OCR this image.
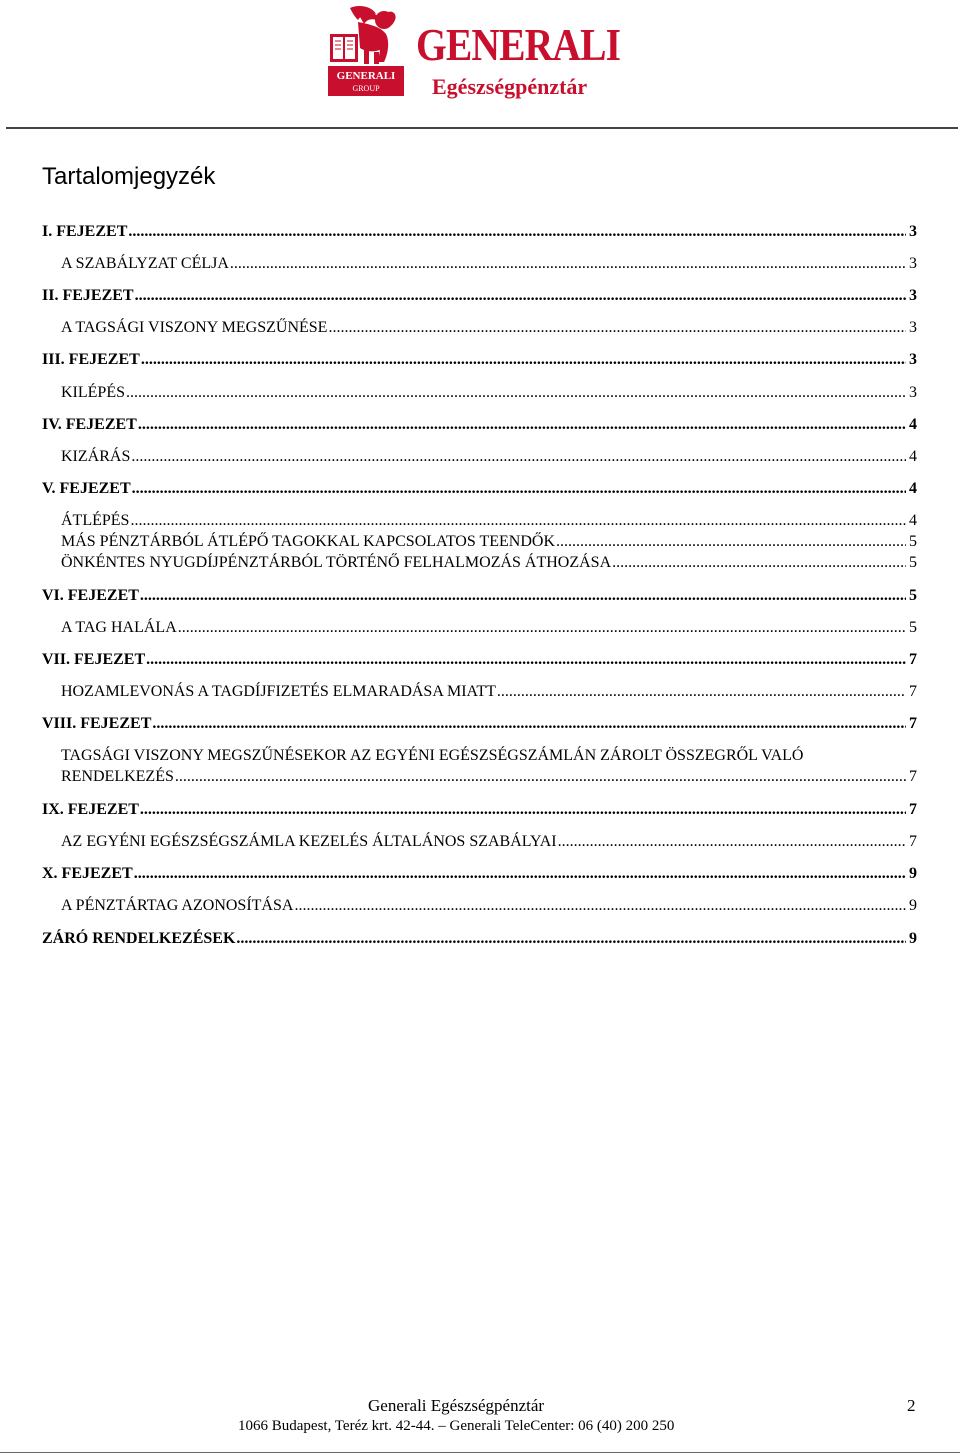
GENERALI
GROUP
GENERALI
Egészségpénztár
Tartalomjegyzék
I. FEJEZET .....	3
A SZABÁLYZAT CÉLJA .....	3
II. FEJEZET .....	3
A TAGSÁGI VISZONY MEGSZŰNÉSE .....	3
III. FEJEZET .....	3
KILÉPÉS .....	3
IV. FEJEZET .....	4
KIZÁRÁS .....	4
V. FEJEZET .....	4
ÁTLÉPÉS .....	4
MÁS PÉNZTÁRBÓL ÁTLÉPŐ TAGOKKAL KAPCSOLATOS TEENDŐK .....	5
ÖNKÉNTES NYUGDÍJPÉNZTÁRBÓL TÖRTÉNŐ FELHALMOZÁS ÁTHOZÁSA .....	5
VI. FEJEZET .....	5
A TAG HALÁLA .....	5
VII. FEJEZET .....	7
HOZAMLEVONÁS A TAGDÍJFIZETÉS ELMARADÁSA MIATT .....	7
VIII. FEJEZET .....	7
TAGSÁGI VISZONY MEGSZŰNÉSEKOR AZ EGYÉNI EGÉSZSÉGSZÁMLÁN ZÁROLT ÖSSZEGRŐL VALÓ
RENDELKEZÉS .....	7
IX. FEJEZET .....	7
AZ EGYÉNI EGÉSZSÉGSZÁMLA KEZELÉS ÁLTALÁNOS SZABÁLYAI .....	7
X. FEJEZET .....	9
A PÉNZTÁRTAG AZONOSÍTÁSA .....	9
ZÁRÓ RENDELKEZÉSEK .....	9
Generali Egészségpénztár	2
1066 Budapest, Teréz krt. 42-44. – Generali TeleCenter: 06 (40) 200 250
